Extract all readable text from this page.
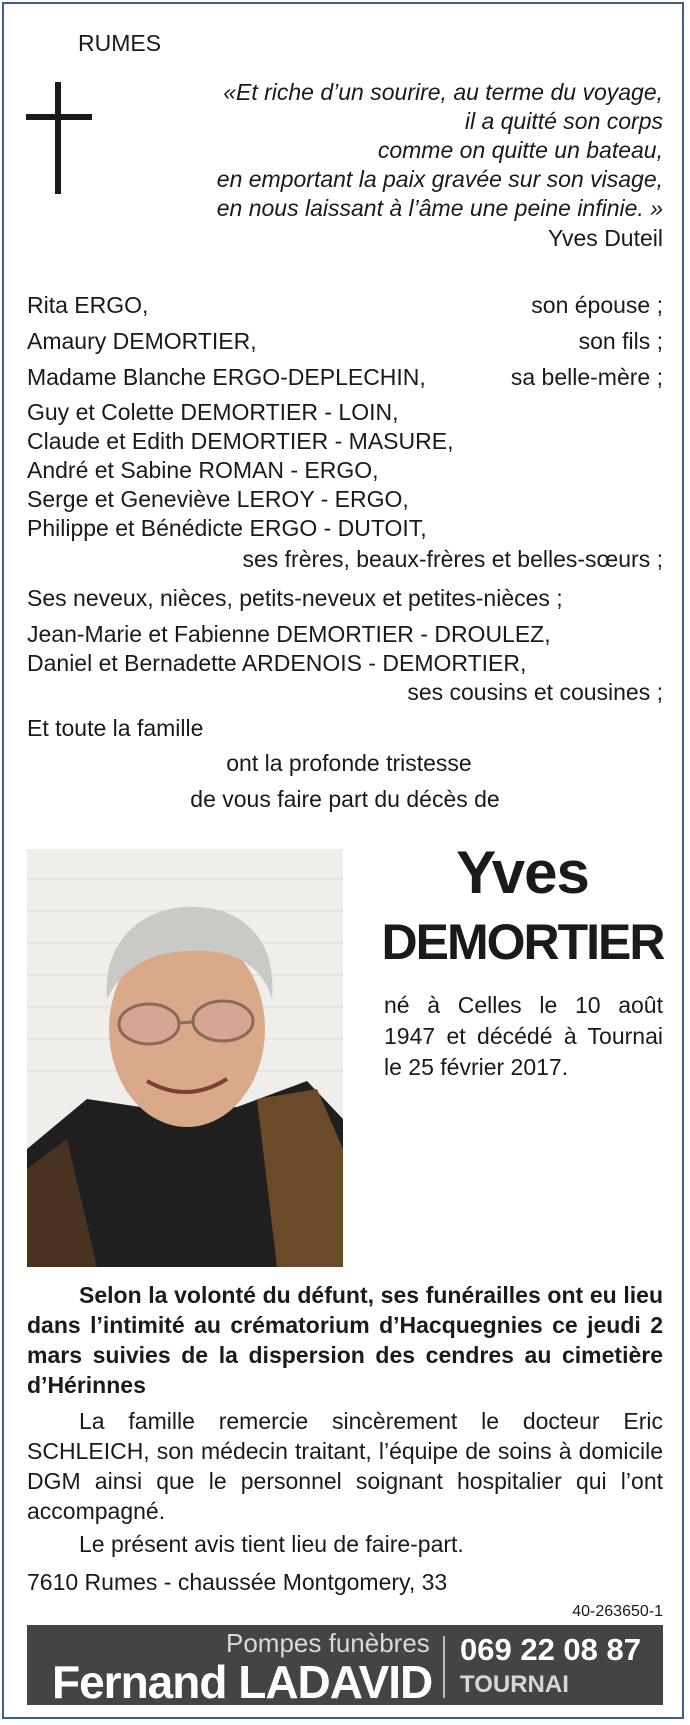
RUMES
«Et riche d’un sourire, au terme du voyage,
il a quitté son corps
comme on quitte un bateau,
en emportant la paix gravée sur son visage,
en nous laissant à l’âme une peine infinie. »
Yves Duteil
Rita ERGO,	son épouse ;
Amaury DEMORTIER,	son fils ;
Madame Blanche ERGO-DEPLECHIN,	sa belle-mère ;
Guy et Colette DEMORTIER - LOIN,
Claude et Edith DEMORTIER - MASURE,
André et Sabine ROMAN - ERGO,
Serge et Geneviève LEROY - ERGO,
Philippe et Bénédicte ERGO - DUTOIT,
ses frères, beaux-frères et belles-sœurs ;
Ses neveux, nièces, petits-neveux et petites-nièces ;
Jean-Marie et Fabienne DEMORTIER - DROULEZ,
Daniel et Bernadette ARDENOIS - DEMORTIER,
ses cousins et cousines ;
Et toute la famille
ont la profonde tristesse
de vous faire part du décès de
Yves
DEMORTIER
né à Celles le 10 août 1947 et décédé à Tournai le 25 février 2017.
Selon la volonté du défunt, ses funérailles ont eu lieu dans l’intimité au crématorium d’Hacquegnies ce jeudi 2 mars suivies de la dispersion des cendres au cimetière d’Hérinnes
La famille remercie sincèrement le docteur Eric SCHLEICH, son médecin traitant, l’équipe de soins à domicile DGM ainsi que le personnel soignant hospitalier qui l’ont accompagné.
Le présent avis tient lieu de faire-part.
7610 Rumes - chaussée Montgomery, 33
40-263650-1
Pompes funèbres
Fernand LADAVID
069 22 08 87
TOURNAI
